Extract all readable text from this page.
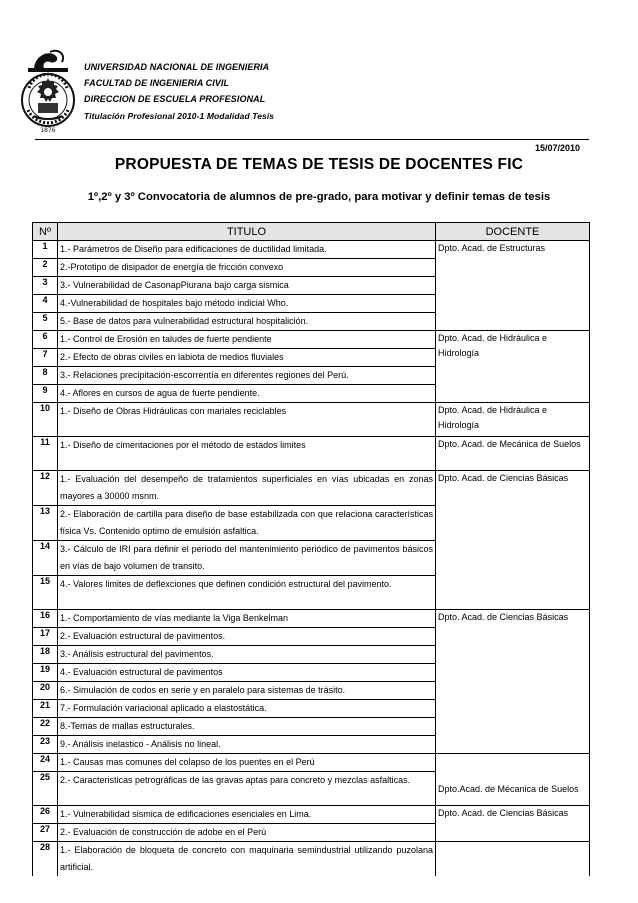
1876
UNIVERSIDAD NACIONAL DE INGENIERIA
FACULTAD DE INGENIERIA CIVIL
DIRECCION DE ESCUELA PROFESIONAL
Titulación Profesional 2010-1 Modalidad Tesis
15/07/2010
PROPUESTA DE TEMAS DE TESIS DE DOCENTES FIC
1º,2º y 3º Convocatoria de alumnos de pre-grado, para motivar y definir temas de tesis
Nº	TITULO	DOCENTE
1	1.- Parámetros de Diseño para edificaciones de ductilidad limitada.	Dpto. Acad. de Estructuras
2	2.-Prototipo de disipador de energía de fricción convexo	
3	3.- Vulnerabilidad de CasonapPiurana bajo carga sismica	
4	4.-Vulnerabilidad de hospitales bajo método indicial Who.	
5	5.- Base de datos para vulnerabilidad estructural hospitalición.	
6	1.- Control de Erosión en taludes de fuerte pendiente	Dpto. Acad. de Hidráulica e Hidrología
7	2.- Efecto de obras civiles en labiota de medios fluviales	
8	3.- Relaciones precipitación-escorrentía en diferentes regiones del Perú.	
9	4.- Aflores en cursos de agua de fuerte pendiente.	
10	1.- Diseño de Obras Hidráulicas con mariales reciclables	Dpto. Acad. de Hidráulica e Hidrología
11	1.- Diseño de cimentaciones por el método de estados limites	Dpto. Acad. de Mecánica de Suelos
12	1.- Evaluación del desempeño de tratamientos superficiales en vías ubicadas en zonas mayores a 30000 msnm.	Dpto. Acad. de Ciencias Básicas
13	2.- Elaboración de cartilla para diseño de base estabilizada con que relaciona características física Vs. Contenido optimo de emulsión asfaltica.	
14	3.- Cálculo de IRI para definir el periodo del mantenimiento periódico de pavimentos básicos en vías de bajo volumen de transito.	
15	4.- Valores limites de deflexciones que definen condición estructural del pavimento.	
16	1.- Comportamiento de vías mediante la Viga Benkelman	Dpto. Acad. de Ciencias Básicas
17	2.- Evaluación estructural de pavimentos.	
18	3.- Análisis estructural del pavimentos.	
19	4.- Evaluación estructural de pavimentos	
20	6.- Simulación de codos en serie y en paralelo para sistemas de trásito.	
21	7.- Formulación variacional aplicado a elastostática.	
22	8.-Temas de mallas estructurales.	
23	9.- Análisis inelastico - Análisis no lineal.	
24	1.- Causas mas comunes del colapso de los puentes en el Perú	Dpto.Acad. de Mécanica de Suelos
25	2.- Caracteristicas petrográficas de las gravas aptas para concreto y mezclas asfalticas.	
26	1.- Vulnerabilidad sismica de edificaciones esenciales en Lima.	Dpto. Acad. de Ciencias Básicas
27	2.- Evaluación de construcción de adobe en el Perú	
28	1.- Elaboración de bloqueta de concreto con maquinaria semindustrial utilizando puzolana artificial.	
